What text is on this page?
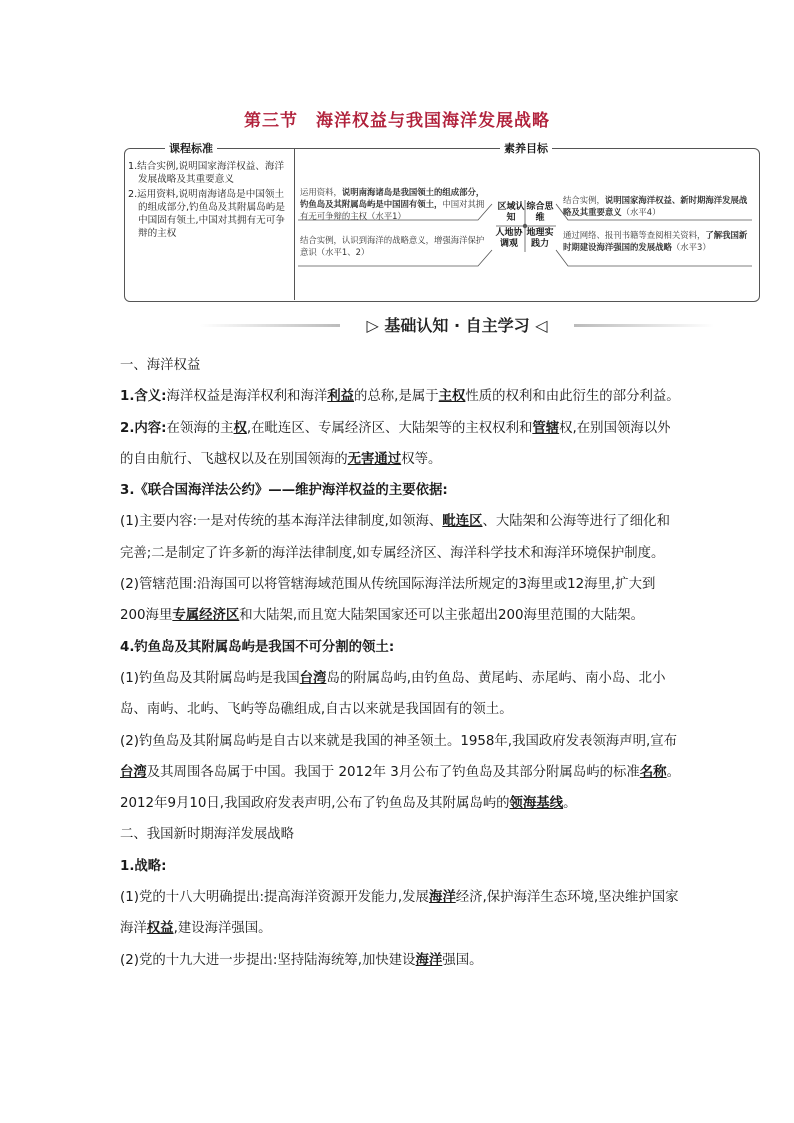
第三节 海洋权益与我国海洋发展战略
课程标准	素养目标
1.结合实例,说明国家海洋权益、海洋发展战略及其重要意义
2.运用资料,说明南海诸岛是中国领土的组成部分,钓鱼岛及其附属岛屿是中国固有领土,中国对其拥有无可争辩的主权
运用资料，说明南海诸岛是我国领土的组成部分，钓鱼岛及其附属岛屿是中国固有领土，中国对其拥有无可争辩的主权（水平1）
结合实例，认识到海洋的战略意义，增强海洋保护意识（水平1、2）
结合实例，说明国家海洋权益、新时期海洋发展战略及其重要意义（水平4）
通过网络、报刊书籍等查阅相关资料，了解我国新时期建设海洋强国的发展战略（水平3）
区域认知
综合思维
人地协调观
地理实践力
▷ 基础认知 · 自主学习 ◁

一、海洋权益

1.含义:海洋权益是海洋权利和海洋利益的总称,是属于主权性质的权利和由此衍生的部分利益。

2.内容:在领海的主权,在毗连区、专属经济区、大陆架等的主权权利和管辖权,在别国领海以外的自由航行、飞越权以及在别国领海的无害通过权等。

3.《联合国海洋法公约》——维护海洋权益的主要依据:

(1)主要内容:一是对传统的基本海洋法律制度,如领海、毗连区、大陆架和公海等进行了细化和完善;二是制定了许多新的海洋法律制度,如专属经济区、海洋科学技术和海洋环境保护制度。

(2)管辖范围:沿海国可以将管辖海域范围从传统国际海洋法所规定的3海里或12海里,扩大到200海里专属经济区和大陆架,而且宽大陆架国家还可以主张超出200海里范围的大陆架。

4.钓鱼岛及其附属岛屿是我国不可分割的领土:

(1)钓鱼岛及其附属岛屿是我国台湾岛的附属岛屿,由钓鱼岛、黄尾屿、赤尾屿、南小岛、北小岛、南屿、北屿、飞屿等岛礁组成,自古以来就是我国固有的领土。

(2)钓鱼岛及其附属岛屿是自古以来就是我国的神圣领土。1958年,我国政府发表领海声明,宣布台湾及其周围各岛属于中国。我国于 2012年 3月公布了钓鱼岛及其部分附属岛屿的标准名称。2012年9月10日,我国政府发表声明,公布了钓鱼岛及其附属岛屿的领海基线。

二、我国新时期海洋发展战略

1.战略:

(1)党的十八大明确提出:提高海洋资源开发能力,发展海洋经济,保护海洋生态环境,坚决维护国家海洋权益,建设海洋强国。

(2)党的十九大进一步提出:坚持陆海统筹,加快建设海洋强国。
